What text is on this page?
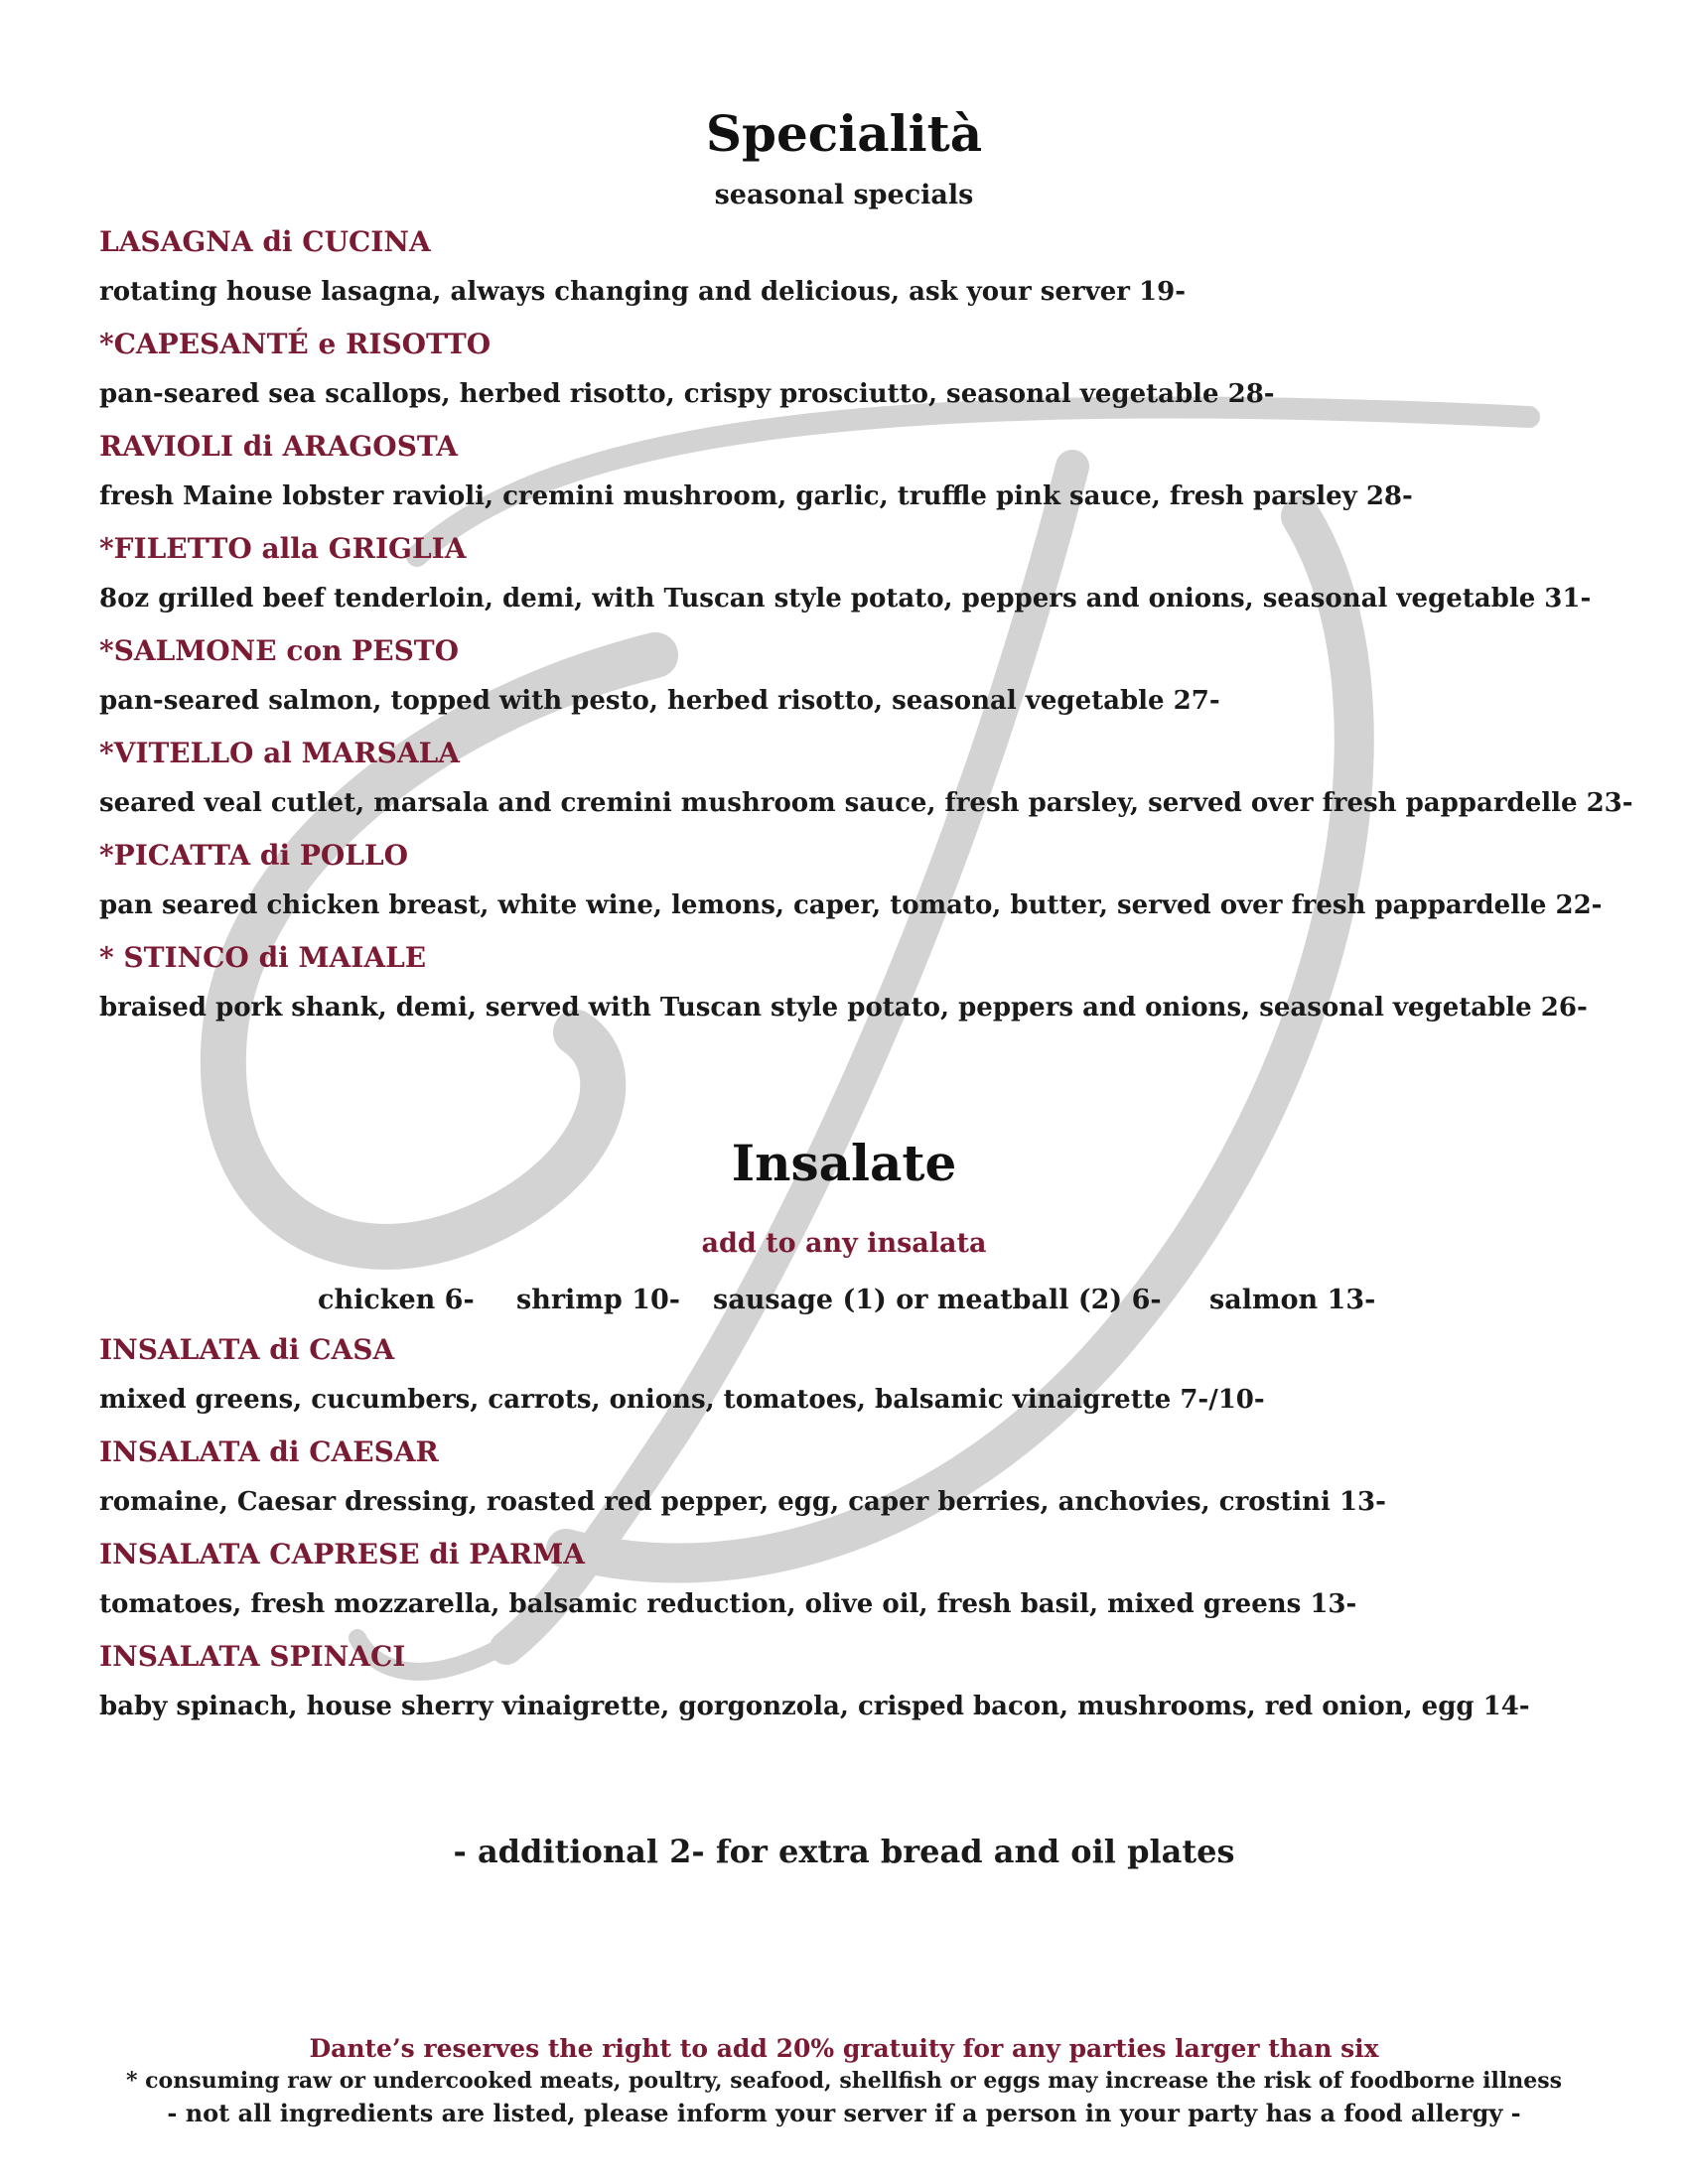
Specialità
seasonal specials
LASAGNA di CUCINA
rotating house lasagna, always changing and delicious, ask your server 19-
*CAPESANTÉ e RISOTTO
pan-seared sea scallops, herbed risotto, crispy prosciutto, seasonal vegetable 28-
RAVIOLI di ARAGOSTA
fresh Maine lobster ravioli, cremini mushroom, garlic, truffle pink sauce, fresh parsley 28-
*FILETTO alla GRIGLIA
8oz grilled beef tenderloin, demi, with Tuscan style potato, peppers and onions, seasonal vegetable 31-
*SALMONE con PESTO
pan-seared salmon, topped with pesto, herbed risotto, seasonal vegetable 27-
*VITELLO al MARSALA
seared veal cutlet, marsala and cremini mushroom sauce, fresh parsley, served over fresh pappardelle 23-
*PICATTA di POLLO
pan seared chicken breast, white wine, lemons, caper, tomato, butter, served over fresh pappardelle 22-
* STINCO di MAIALE
braised pork shank, demi, served with Tuscan style potato, peppers and onions, seasonal vegetable 26-
Insalate
add to any insalata
chicken 6- shrimp 10- sausage (1) or meatball (2) 6- salmon 13-
INSALATA di CASA
mixed greens, cucumbers, carrots, onions, tomatoes, balsamic vinaigrette 7-/10-
INSALATA di CAESAR
romaine, Caesar dressing, roasted red pepper, egg, caper berries, anchovies, crostini 13-
INSALATA CAPRESE di PARMA
tomatoes, fresh mozzarella, balsamic reduction, olive oil, fresh basil, mixed greens 13-
INSALATA SPINACI
baby spinach, house sherry vinaigrette, gorgonzola, crisped bacon, mushrooms, red onion, egg 14-
- additional 2- for extra bread and oil plates
Dante’s reserves the right to add 20% gratuity for any parties larger than six
* consuming raw or undercooked meats, poultry, seafood, shellfish or eggs may increase the risk of foodborne illness
- not all ingredients are listed, please inform your server if a person in your party has a food allergy -
